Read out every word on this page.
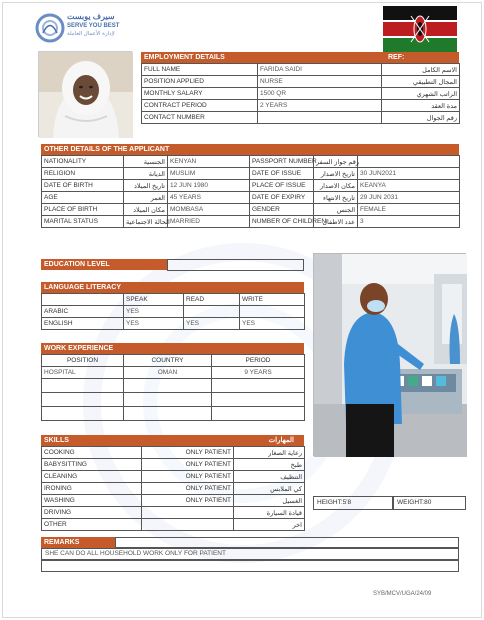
سيرف يوبست
SERVE YOU BEST
لإدارة الأعمال العاملة
EMPLOYMENT DETAILS	REF:
FULL NAME	FARIDA SAIDI	الاسم الكامل
POSITION APPLIED	NURSE	المجال التطبيقي
MONTHLY SALARY	1500 QR	الراتب الشهري
CONTRACT PERIOD	2 YEARS	مدة العقد
CONTACT NUMBER		رقم الجوال
OTHER DETAILS OF THE APPLICANT
NATIONALITY	الجنسية	KENYAN	PASSPORT NUMBER	رقم جواز السفر	
RELIGION	الديانة	MUSLIM	DATE OF ISSUE	تاريخ الاصدار	30 JUN2021
DATE OF BIRTH	تاريخ الميلاد	12 JUN 1980	PLACE OF ISSUE	مكان الاصدار	KEANYA
AGE	العمر	45 YEARS	DATE OF EXPIRY	تاريخ الانتهاء	29 JUN 2031
PLACE OF BIRTH	مكان الميلاد	MOMBASA	GENDER	الجنس	FEMALE
MARITAL STATUS	الحالة الاجتماعية	MARRIED	NUMBER OF CHILDREN	عدد الاطفال	3
EDUCATION LEVEL
LANGUAGE LITERACY
	SPEAK	READ	WRITE
ARABIC	YES		
ENGLISH	YES	YES	YES
WORK EXPERIENCE
POSITION	COUNTRY	PERIOD
HOSPITAL	OMAN	9 YEARS

SKILLS	المهارات
COOKING	ONLY PATIENT	رعاية الصغار
BABYSITTING	ONLY PATIENT	طبخ
CLEANING	ONLY PATIENT	التنظيف
IRONING	ONLY PATIENT	كي الملابس
WASHING	ONLY PATIENT	الغسيل
DRIVING		قيادة السيارة
OTHER		اخر
HEIGHT:5'8	WEIGHT:80
REMARKS
SHE CAN DO ALL HOUSEHOLD WORK ONLY FOR PATIENT
SYB/MCV/UGA/24/09
